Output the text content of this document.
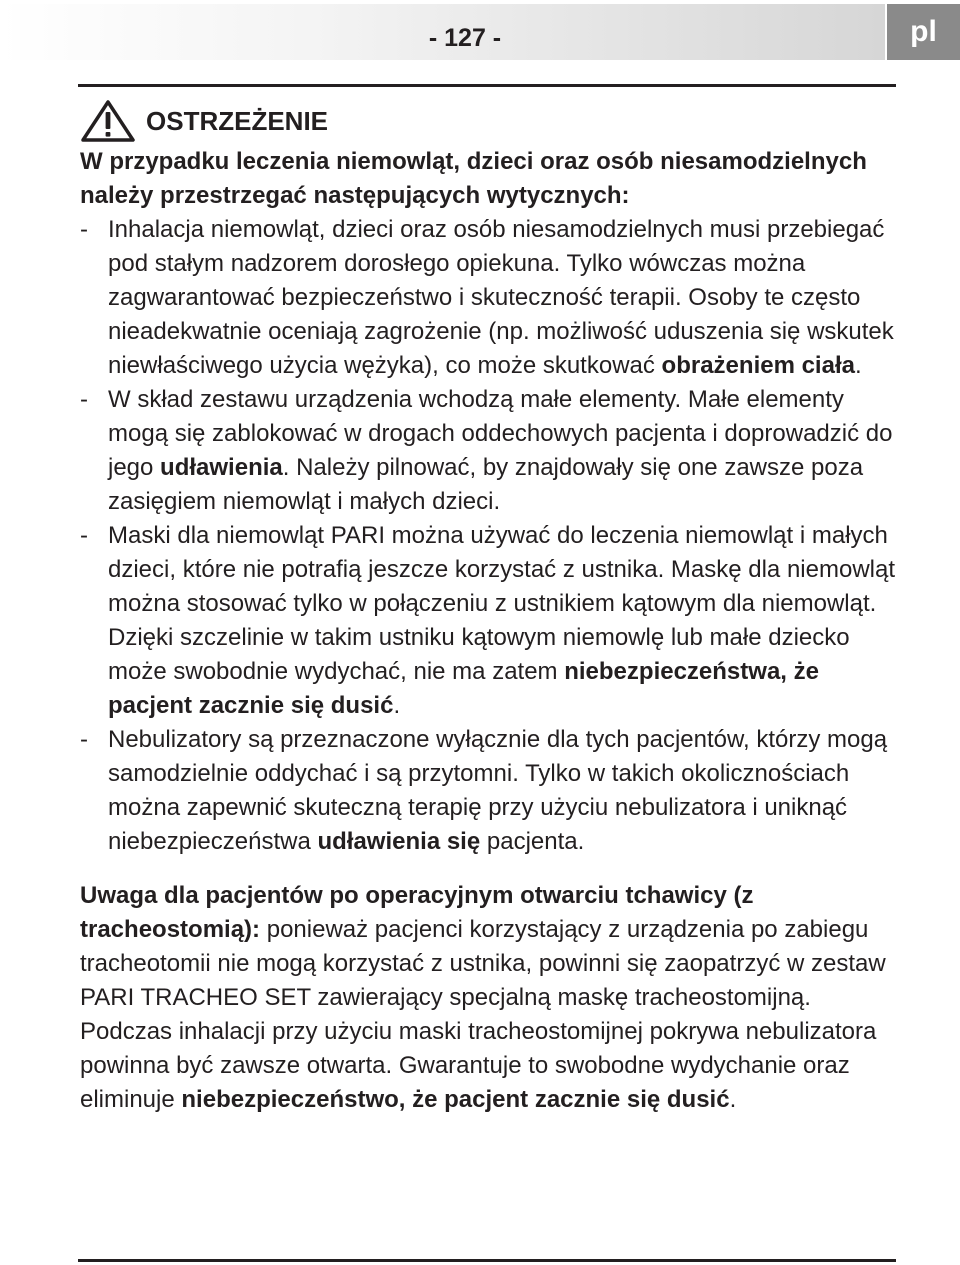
- 127 -	pl
OSTRZEŻENIE
W przypadku leczenia niemowląt, dzieci oraz osób niesamodzielnych należy przestrzegać następujących wytycznych:
- Inhalacja niemowląt, dzieci oraz osób niesamodzielnych musi przebiegać pod stałym nadzorem dorosłego opiekuna. Tylko wówczas można zagwarantować bezpieczeństwo i skuteczność terapii. Osoby te często nieadekwatnie oceniają zagrożenie (np. możliwość uduszenia się wskutek niewłaściwego użycia wężyka), co może skutkować obrażeniem ciała.
- W skład zestawu urządzenia wchodzą małe elementy. Małe elementy mogą się zablokować w drogach oddechowych pacjenta i doprowadzić do jego udławienia. Należy pilnować, by znajdowały się one zawsze poza zasięgiem niemowląt i małych dzieci.
- Maski dla niemowląt PARI można używać do leczenia niemowląt i małych dzieci, które nie potrafią jeszcze korzystać z ustnika. Maskę dla niemowląt można stosować tylko w połączeniu z ustnikiem kątowym dla niemowląt. Dzięki szczelinie w takim ustniku kątowym niemowlę lub małe dziecko może swobodnie wydychać, nie ma zatem niebezpieczeństwa, że pacjent zacznie się dusić.
- Nebulizatory są przeznaczone wyłącznie dla tych pacjentów, którzy mogą samodzielnie oddychać i są przytomni. Tylko w takich okolicznościach można zapewnić skuteczną terapię przy użyciu nebulizatora i uniknąć niebezpieczeństwa udławienia się pacjenta.
Uwaga dla pacjentów po operacyjnym otwarciu tchawicy (z tracheostomią): ponieważ pacjenci korzystający z urządzenia po zabiegu tracheotomii nie mogą korzystać z ustnika, powinni się zaopatrzyć w zestaw PARI TRACHEO SET zawierający specjalną maskę tracheostomijną. Podczas inhalacji przy użyciu maski tracheostomijnej pokrywa nebulizatora powinna być zawsze otwarta. Gwarantuje to swobodne wydychanie oraz eliminuje niebezpieczeństwo, że pacjent zacznie się dusić.
